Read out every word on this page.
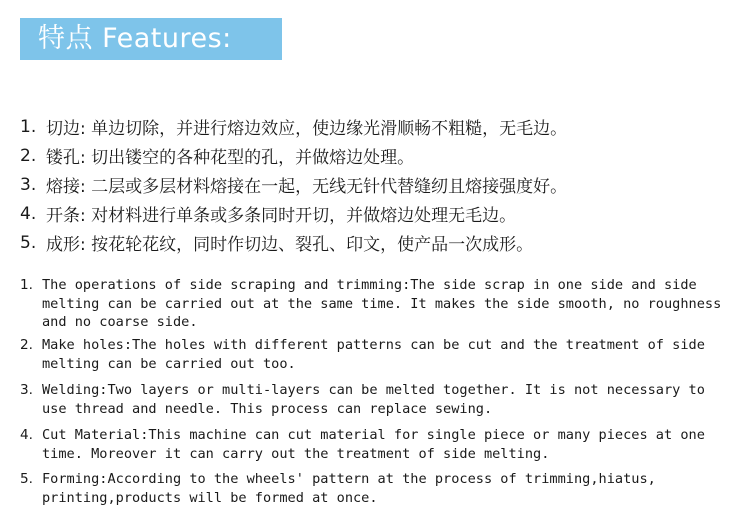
特点 Features:
1. 切边: 单边切除，并进行熔边效应，使边缘光滑顺畅不粗糙，无毛边。
2. 镂孔: 切出镂空的各种花型的孔，并做熔边处理。
3. 熔接: 二层或多层材料熔接在一起，无线无针代替缝纫且熔接强度好。
4. 开条: 对材料进行单条或多条同时开切，并做熔边处理无毛边。
5. 成形: 按花轮花纹，同时作切边、裂孔、印文，使产品一次成形。
1. The operations of side scraping and trimming:The side scrap in one side and side melting can be carried out at the same time. It makes the side smooth, no roughness and no coarse side.
2. Make holes:The holes with different patterns can be cut and the treatment of side melting can be carried out too.
3. Welding:Two layers or multi-layers can be melted together. It is not necessary to use thread and needle. This process can replace sewing.
4. Cut Material:This machine can cut material for single piece or many pieces at one time. Moreover it can carry out the treatment of side melting.
5. Forming:According to the wheels' pattern at the process of trimming,hiatus, printing,products will be formed at once.
